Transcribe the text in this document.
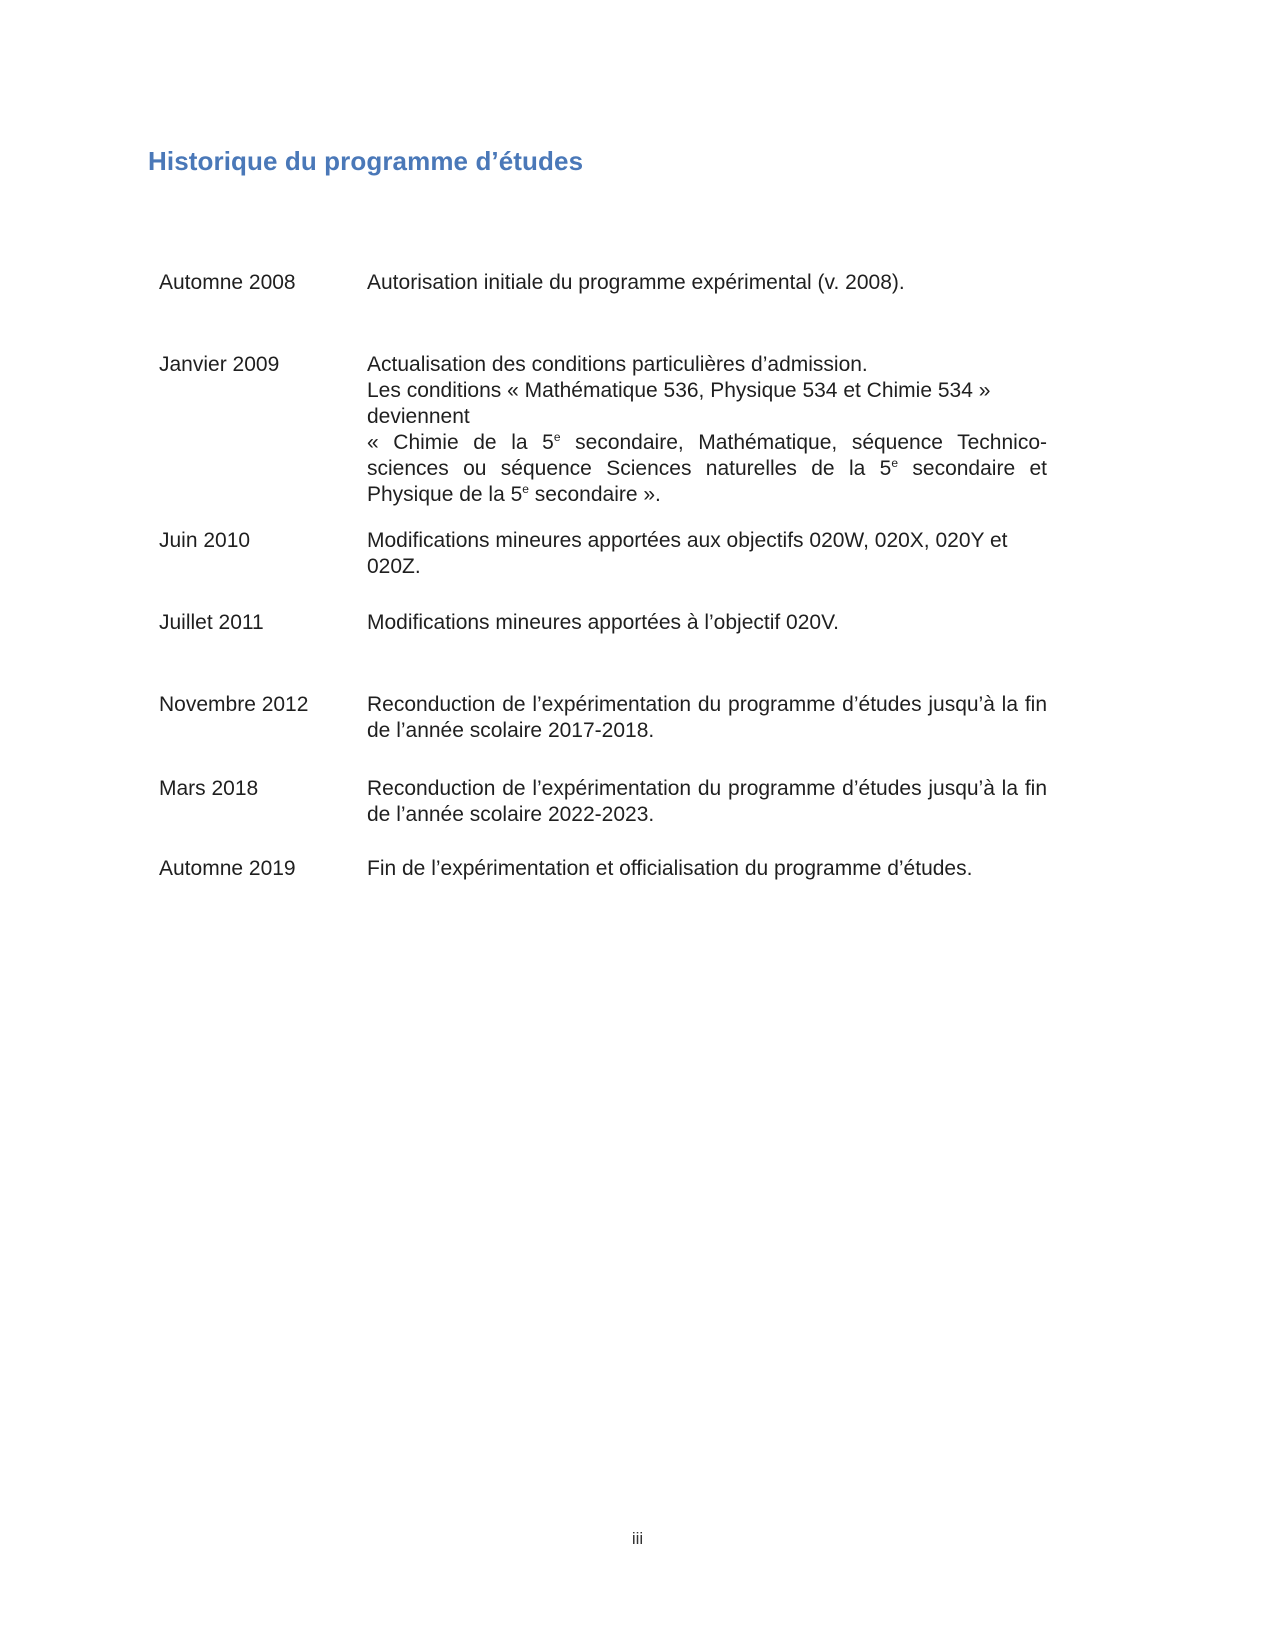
Historique du programme d’études
Automne 2008	Autorisation initiale du programme expérimental (v. 2008).

Janvier 2009	Actualisation des conditions particulières d’admission.

Les conditions « Mathématique 536, Physique 534 et Chimie 534 » deviennent

« Chimie de la 5e secondaire, Mathématique, séquence Technico-sciences ou séquence Sciences naturelles de la 5e secondaire et Physique de la 5e secondaire ».

Juin 2010	Modifications mineures apportées aux objectifs 020W, 020X, 020Y et 020Z.

Juillet 2011	Modifications mineures apportées à l’objectif 020V.

Novembre 2012	Reconduction de l’expérimentation du programme d’études jusqu’à la fin de l’année scolaire 2017-2018.

Mars 2018	Reconduction de l’expérimentation du programme d’études jusqu’à la fin de l’année scolaire 2022-2023.

Automne 2019	Fin de l’expérimentation et officialisation du programme d’études.

iii
